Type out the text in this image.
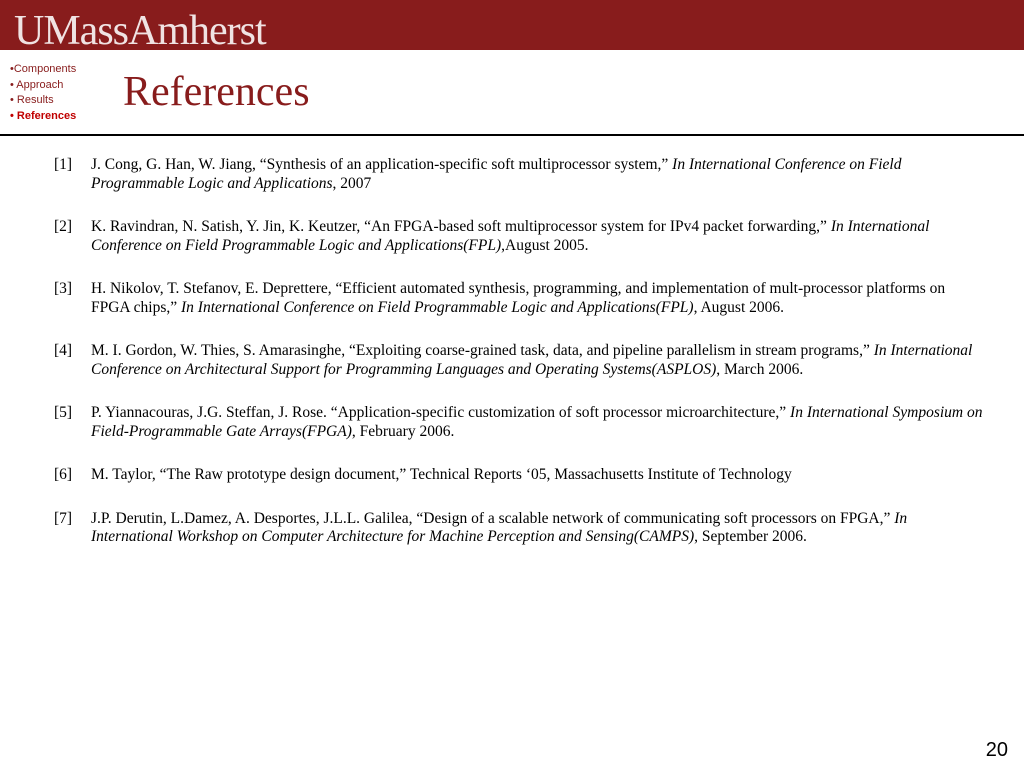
UMassAmherst
•Components
• Approach
• Results
• References
References
[1] J. Cong, G. Han, W. Jiang, “Synthesis of an application-specific soft multiprocessor system,” In International Conference on Field Programmable Logic and Applications, 2007
[2] K. Ravindran, N. Satish, Y. Jin, K. Keutzer, “An FPGA-based soft multiprocessor system for IPv4 packet forwarding,” In International Conference on Field Programmable Logic and Applications(FPL),August 2005.
[3] H. Nikolov, T. Stefanov, E. Deprettere, “Efficient automated synthesis, programming, and implementation of mult-processor platforms on FPGA chips,” In International Conference on Field Programmable Logic and Applications(FPL), August 2006.
[4] M. I. Gordon, W. Thies, S. Amarasinghe, “Exploiting coarse-grained task, data, and pipeline parallelism in stream programs,” In International Conference on Architectural Support for Programming Languages and Operating Systems(ASPLOS), March 2006.
[5] P. Yiannacouras, J.G. Steffan, J. Rose. “Application-specific customization of soft processor microarchitecture,” In International Symposium on Field-Programmable Gate Arrays(FPGA), February 2006.
[6] M. Taylor, “The Raw prototype design document,” Technical Reports ‘05, Massachusetts Institute of Technology
[7] J.P. Derutin, L.Damez, A. Desportes, J.L.L. Galilea, “Design of a scalable network of communicating soft processors on FPGA,” In International Workshop on Computer Architecture for Machine Perception and Sensing(CAMPS), September 2006.
20
